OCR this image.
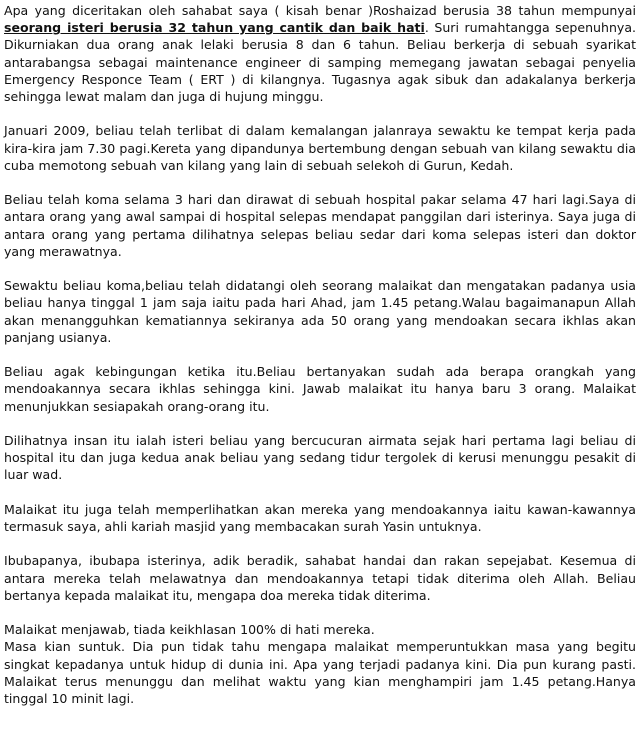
Apa yang diceritakan oleh sahabat saya ( kisah benar )Roshaizad berusia 38 tahun mempunyai seorang isteri berusia 32 tahun yang cantik dan baik hati. Suri rumahtangga sepenuhnya. Dikurniakan dua orang anak lelaki berusia 8 dan 6 tahun. Beliau berkerja di sebuah syarikat antarabangsa sebagai maintenance engineer di samping memegang jawatan sebagai penyelia Emergency Responce Team ( ERT ) di kilangnya. Tugasnya agak sibuk dan adakalanya berkerja sehingga lewat malam dan juga di hujung minggu.

Januari 2009, beliau telah terlibat di dalam kemalangan jalanraya sewaktu ke tempat kerja pada kira-kira jam 7.30 pagi.Kereta yang dipandunya bertembung dengan sebuah van kilang sewaktu dia cuba memotong sebuah van kilang yang lain di sebuah selekoh di Gurun, Kedah.

Beliau telah koma selama 3 hari dan dirawat di sebuah hospital pakar selama 47 hari lagi.Saya di antara orang yang awal sampai di hospital selepas mendapat panggilan dari isterinya. Saya juga di antara orang yang pertama dilihatnya selepas beliau sedar dari koma selepas isteri dan doktor yang merawatnya.

Sewaktu beliau koma,beliau telah didatangi oleh seorang malaikat dan mengatakan padanya usia beliau hanya tinggal 1 jam saja iaitu pada hari Ahad, jam 1.45 petang.Walau bagaimanapun Allah akan menangguhkan kematiannya sekiranya ada 50 orang yang mendoakan secara ikhlas akan panjang usianya.

Beliau agak kebingungan ketika itu.Beliau bertanyakan sudah ada berapa orangkah yang mendoakannya secara ikhlas sehingga kini. Jawab malaikat itu hanya baru 3 orang. Malaikat menunjukkan sesiapakah orang-orang itu.

Dilihatnya insan itu ialah isteri beliau yang bercucuran airmata sejak hari pertama lagi beliau di hospital itu dan juga kedua anak beliau yang sedang tidur tergolek di kerusi menunggu pesakit di luar wad.

Malaikat itu juga telah memperlihatkan akan mereka yang mendoakannya iaitu kawan-kawannya termasuk saya, ahli kariah masjid yang membacakan surah Yasin untuknya.

Ibubapanya, ibubapa isterinya, adik beradik, sahabat handai dan rakan sepejabat. Kesemua di antara mereka telah melawatnya dan mendoakannya tetapi tidak diterima oleh Allah. Beliau bertanya kepada malaikat itu, mengapa doa mereka tidak diterima.

Malaikat menjawab, tiada keikhlasan 100% di hati mereka.

Masa kian suntuk. Dia pun tidak tahu mengapa malaikat memperuntukkan masa yang begitu singkat kepadanya untuk hidup di dunia ini. Apa yang terjadi padanya kini. Dia pun kurang pasti. Malaikat terus menunggu dan melihat waktu yang kian menghampiri jam 1.45 petang.Hanya tinggal 10 minit lagi.
